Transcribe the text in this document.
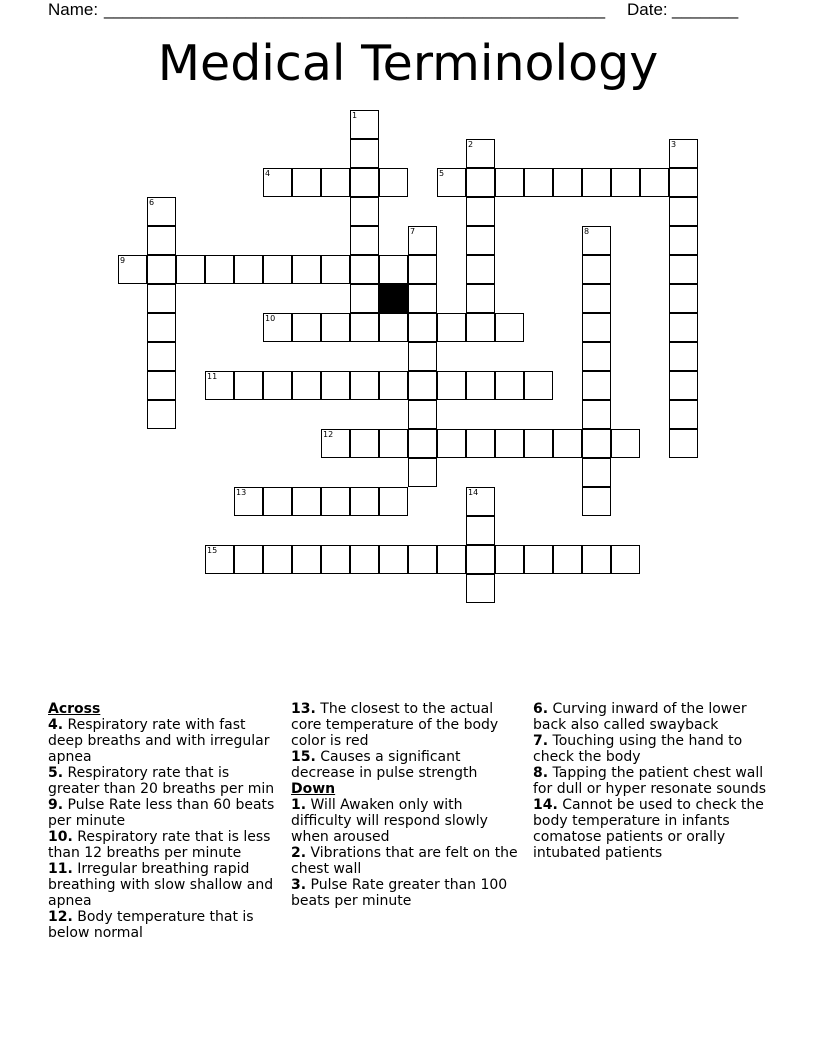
Name: _____________________________________________________ Date: _______
Medical Terminology
4	5
9
10
11
12
13
15
1
2	3
6
7	8
14
Across
4. Respiratory rate with fast deep breaths and with irregular apnea
5. Respiratory rate that is greater than 20 breaths per min
9. Pulse Rate less than 60 beats per minute
10. Respiratory rate that is less than 12 breaths per minute
11. Irregular breathing rapid breathing with slow shallow and apnea
12. Body temperature that is below normal
13. The closest to the actual core temperature of the body color is red
15. Causes a significant decrease in pulse strength
Down
1. Will Awaken only with difficulty will respond slowly when aroused
2. Vibrations that are felt on the chest wall
3. Pulse Rate greater than 100 beats per minute
6. Curving inward of the lower back also called swayback
7. Touching using the hand to check the body
8. Tapping the patient chest wall for dull or hyper resonate sounds
14. Cannot be used to check the body temperature in infants comatose patients or orally intubated patients
